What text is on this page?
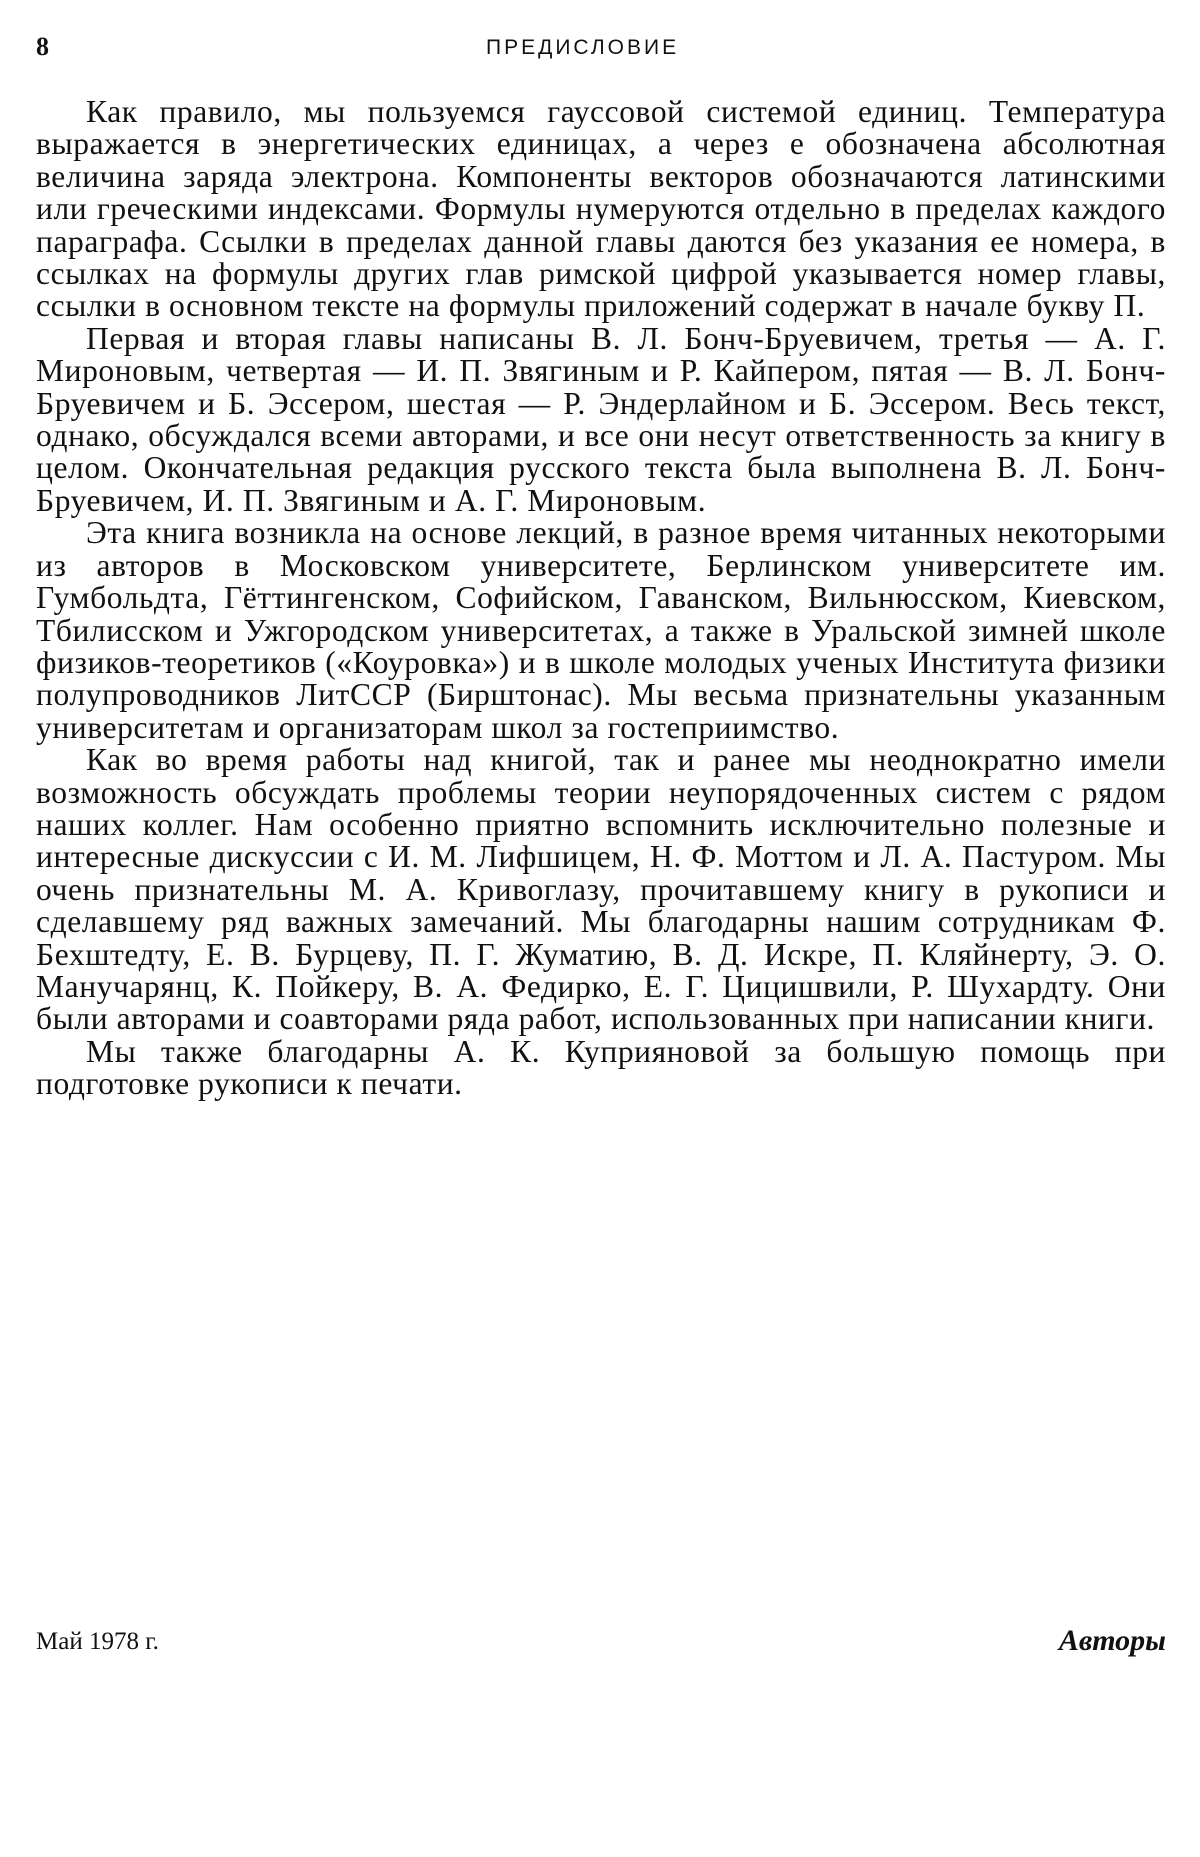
8	ПРЕДИСЛОВИЕ

Как правило, мы пользуемся гауссовой системой единиц. Температура выражается в энергетических единицах, а через e обозначена абсолютная величина заряда электрона. Компоненты векторов обозначаются латинскими или греческими индексами. Формулы нумеруются отдельно в пределах каждого параграфа. Ссылки в пределах данной главы даются без указания ее номера, в ссылках на формулы других глав римской цифрой указывается номер главы, ссылки в основном тексте на формулы приложений содержат в начале букву П.

Первая и вторая главы написаны В. Л. Бонч-Бруевичем, третья — А. Г. Мироновым, четвертая — И. П. Звягиным и Р. Кайпером, пятая — В. Л. Бонч-Бруевичем и Б. Эссером, шестая — Р. Эндерлайном и Б. Эссером. Весь текст, однако, обсуждался всеми авторами, и все они несут ответственность за книгу в целом. Окончательная редакция русского текста была выполнена В. Л. Бонч-Бруевичем, И. П. Звягиным и А. Г. Мироновым.

Эта книга возникла на основе лекций, в разное время читанных некоторыми из авторов в Московском университете, Берлинском университете им. Гумбольдта, Гёттингенском, Софийском, Гаванском, Вильнюсском, Киевском, Тбилисском и Ужгородском университетах, а также в Уральской зимней школе физиков-теоретиков («Коуровка») и в школе молодых ученых Института физики полупроводников ЛитССР (Бирштонас). Мы весьма признательны указанным университетам и организаторам школ за гостеприимство.

Как во время работы над книгой, так и ранее мы неоднократно имели возможность обсуждать проблемы теории неупорядоченных систем с рядом наших коллег. Нам особенно приятно вспомнить исключительно полезные и интересные дискуссии с И. М. Лифшицем, Н. Ф. Моттом и Л. А. Пастуром. Мы очень признательны М. А. Кривоглазу, прочитавшему книгу в рукописи и сделавшему ряд важных замечаний. Мы благодарны нашим сотрудникам Ф. Бехштедту, Е. В. Бурцеву, П. Г. Жуматию, В. Д. Искре, П. Кляйнерту, Э. О. Манучарянц, К. Пойкеру, В. А. Федирко, Е. Г. Цицишвили, Р. Шухардту. Они были авторами и соавторами ряда работ, использованных при написании книги.

Мы также благодарны А. К. Куприяновой за большую помощь при подготовке рукописи к печати.

Май 1978 г.	Авторы
